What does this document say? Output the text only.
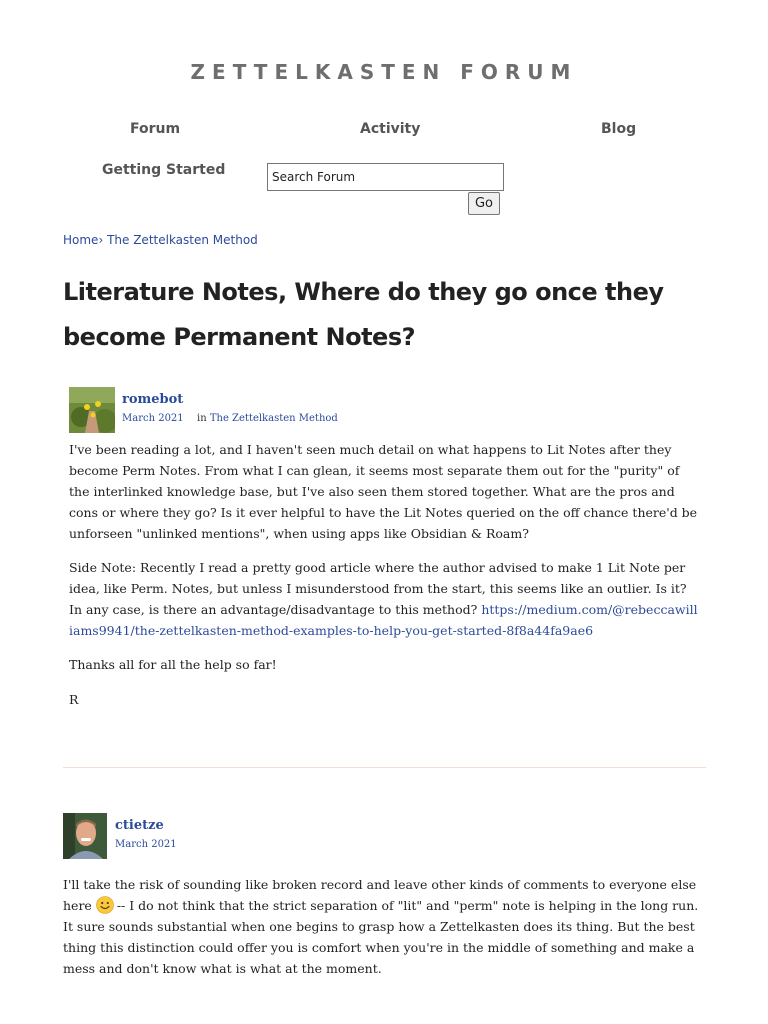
ZETTELKASTEN FORUM
Forum	Activity	Blog
Getting Started
Search Forum
Go
Home› The Zettelkasten Method
Literature Notes, Where do they go once they become Permanent Notes?
romebot
March 2021 in The Zettelkasten Method

I've been reading a lot, and I haven't seen much detail on what happens to Lit Notes after they become Perm Notes. From what I can glean, it seems most separate them out for the "purity" of the interlinked knowledge base, but I've also seen them stored together. What are the pros and cons or where they go? Is it ever helpful to have the Lit Notes queried on the off chance there'd be unforseen "unlinked mentions", when using apps like Obsidian & Roam?

Side Note: Recently I read a pretty good article where the author advised to make 1 Lit Note per idea, like Perm. Notes, but unless I misunderstood from the start, this seems like an outlier. Is it? In any case, is there an advantage/disadvantage to this method? https://medium.com/@rebeccawilliams9941/the-zettelkasten-method-examples-to-help-you-get-started-8f8a44fa9ae6

Thanks all for all the help so far!

R

ctietze
March 2021

I'll take the risk of sounding like broken record and leave other kinds of comments to everyone else here -- I do not think that the strict separation of "lit" and "perm" note is helping in the long run. It sure sounds substantial when one begins to grasp how a Zettelkasten does its thing. But the best thing this distinction could offer you is comfort when you're in the middle of something and make a mess and don't know what is what at the moment.
